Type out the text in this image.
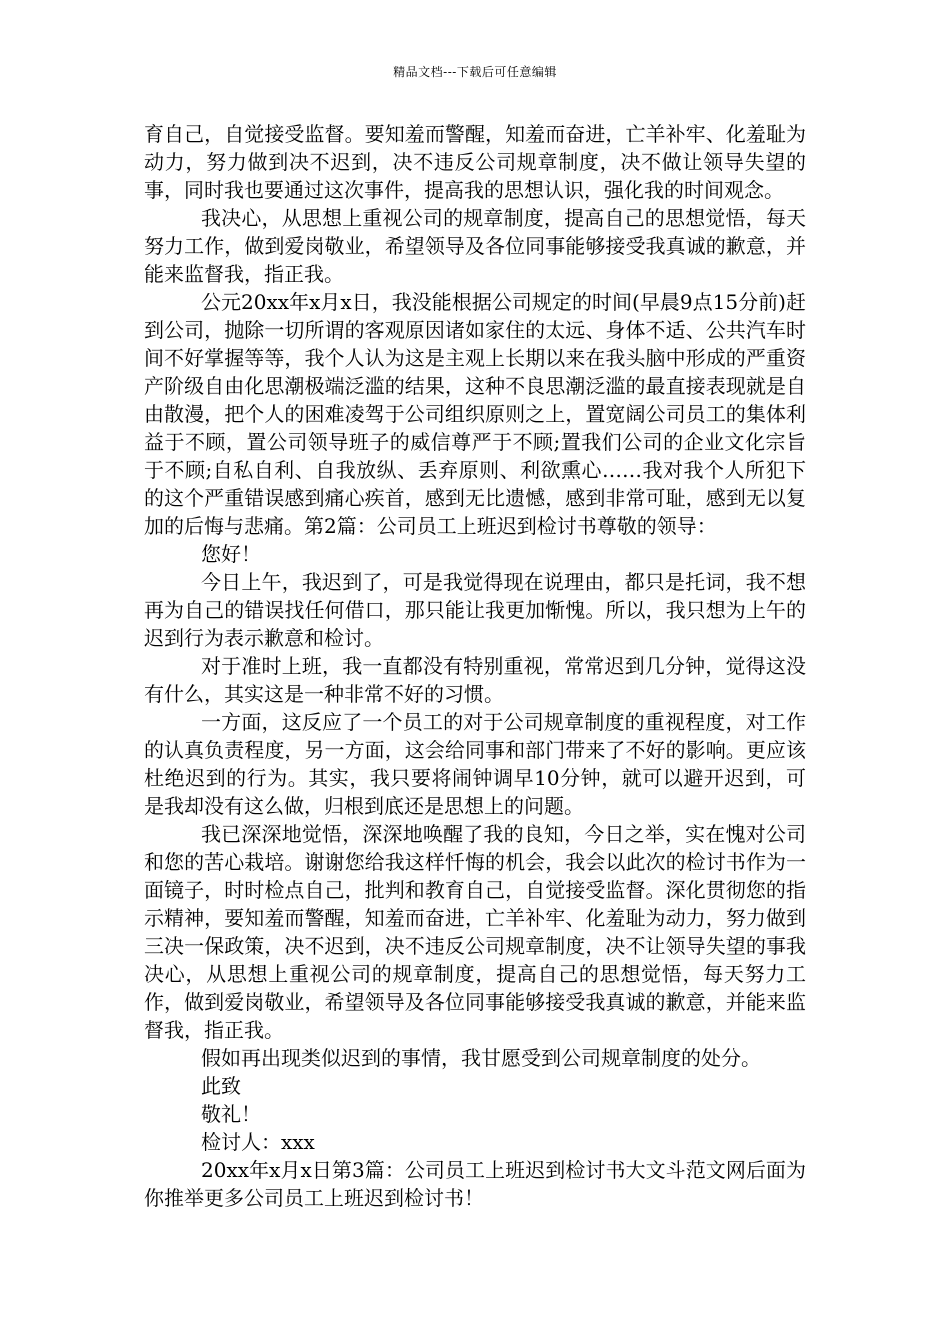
精品文档---下载后可任意编辑

育自己，自觉接受监督。要知羞而警醒，知羞而奋进，亡羊补牢、化羞耻为动力，努力做到决不迟到，决不违反公司规章制度，决不做让领导失望的事，同时我也要通过这次事件，提高我的思想认识，强化我的时间观念。

我决心，从思想上重视公司的规章制度，提高自己的思想觉悟，每天努力工作，做到爱岗敬业，希望领导及各位同事能够接受我真诚的歉意，并能来监督我，指正我。

公元20xx年x月x日，我没能根据公司规定的时间(早晨9点15分前)赶到公司，抛除一切所谓的客观原因诸如家住的太远、身体不适、公共汽车时间不好掌握等等，我个人认为这是主观上长期以来在我头脑中形成的严重资产阶级自由化思潮极端泛滥的结果，这种不良思潮泛滥的最直接表现就是自由散漫，把个人的困难凌驾于公司组织原则之上，置宽阔公司员工的集体利益于不顾，置公司领导班子的威信尊严于不顾;置我们公司的企业文化宗旨于不顾;自私自利、自我放纵、丢弃原则、利欲熏心……我对我个人所犯下的这个严重错误感到痛心疾首，感到无比遗憾，感到非常可耻，感到无以复加的后悔与悲痛。第2篇：公司员工上班迟到检讨书尊敬的领导：

您好！

今日上午，我迟到了，可是我觉得现在说理由，都只是托词，我不想再为自己的错误找任何借口，那只能让我更加惭愧。所以，我只想为上午的迟到行为表示歉意和检讨。

对于准时上班，我一直都没有特别重视，常常迟到几分钟，觉得这没有什么，其实这是一种非常不好的习惯。

一方面，这反应了一个员工的对于公司规章制度的重视程度，对工作的认真负责程度，另一方面，这会给同事和部门带来了不好的影响。更应该杜绝迟到的行为。其实，我只要将闹钟调早10分钟，就可以避开迟到，可是我却没有这么做，归根到底还是思想上的问题。

我已深深地觉悟，深深地唤醒了我的良知，今日之举，实在愧对公司和您的苦心栽培。谢谢您给我这样忏悔的机会，我会以此次的检讨书作为一面镜子，时时检点自己，批判和教育自己，自觉接受监督。深化贯彻您的指示精神，要知羞而警醒，知羞而奋进，亡羊补牢、化羞耻为动力，努力做到三决一保政策，决不迟到，决不违反公司规章制度，决不让领导失望的事我决心，从思想上重视公司的规章制度，提高自己的思想觉悟，每天努力工作，做到爱岗敬业，希望领导及各位同事能够接受我真诚的歉意，并能来监督我，指正我。

假如再出现类似迟到的事情，我甘愿受到公司规章制度的处分。

此致

敬礼！

检讨人：xxx

20xx年x月x日第3篇：公司员工上班迟到检讨书大文斗范文网后面为你推举更多公司员工上班迟到检讨书！
